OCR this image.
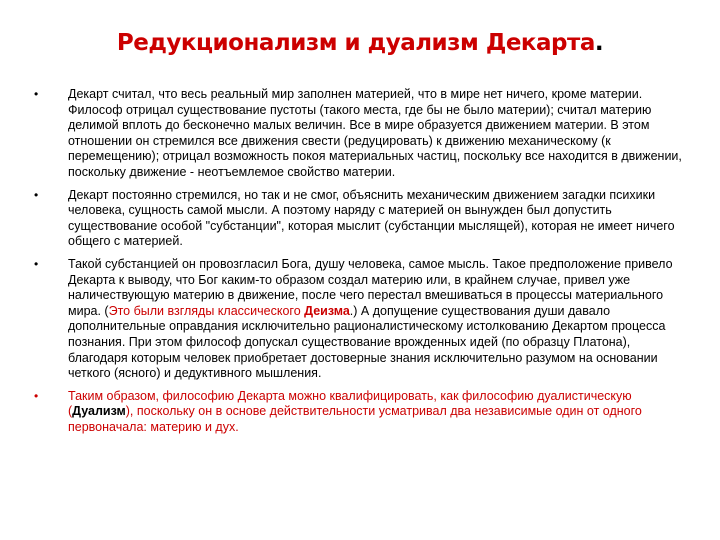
Редукционализм и дуализм Декарта.
• Декарт считал, что весь реальный мир заполнен материей, что в мире нет ничего, кроме материи. Философ отрицал существование пустоты (такого места, где бы не было материи); считал материю делимой вплоть до бесконечно малых величин. Все в мире образуется движением материи. В этом отношении он стремился все движения свести (редуцировать) к движению механическому (к перемещению); отрицал возможность покоя материальных частиц, поскольку все находится в движении, поскольку движение - неотъемлемое свойство материи.
• Декарт постоянно стремился, но так и не смог, объяснить механическим движением загадки психики человека, сущность самой мысли. А поэтому наряду с материей он вынужден был допустить существование особой "субстанции", которая мыслит (субстанции мыслящей), которая не имеет ничего общего с материей.
• Такой субстанцией он провозгласил Бога, душу человека, самое мысль. Такое предположение привело Декарта к выводу, что Бог каким-то образом создал материю или, в крайнем случае, привел уже наличествующую материю в движение, после чего перестал вмешиваться в процессы материального мира. (Это были взгляды классического Деизма.) А допущение существования души давало дополнительные оправдания исключительно рационалистическому истолкованию Декартом процесса познания. При этом философ допускал существование врожденных идей (по образцу Платона), благодаря которым человек приобретает достоверные знания исключительно разумом на основании четкого (ясного) и дедуктивного мышления.
• Таким образом, философию Декарта можно квалифицировать, как философию дуалистическую (Дуализм), поскольку он в основе действительности усматривал два независимые один от одного первоначала: материю и дух.
